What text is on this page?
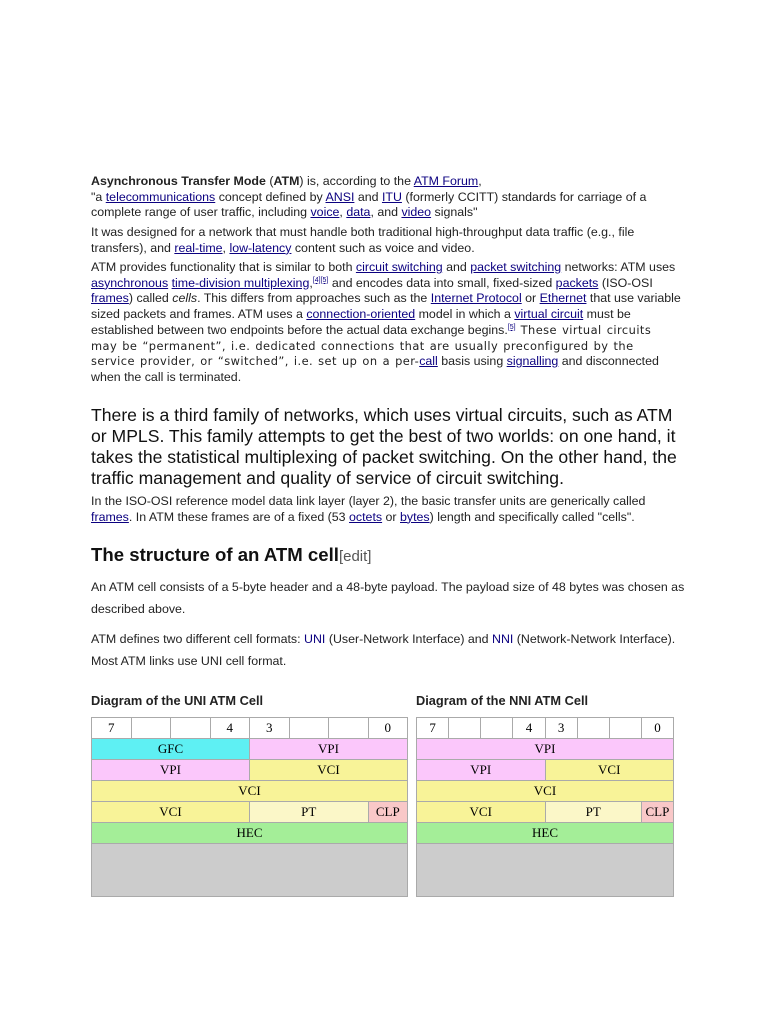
Asynchronous Transfer Mode (ATM) is, according to the ATM Forum,
"a telecommunications concept defined by ANSI and ITU (formerly CCITT) standards for carriage of a complete range of user traffic, including voice, data, and video signals"
It was designed for a network that must handle both traditional high-throughput data traffic (e.g., file transfers), and real-time, low-latency content such as voice and video.
ATM provides functionality that is similar to both circuit switching and packet switching networks: ATM uses asynchronous time-division multiplexing,[4][5] and encodes data into small, fixed-sized packets (ISO-OSI frames) called cells. This differs from approaches such as the Internet Protocol or Ethernet that use variable sized packets and frames. ATM uses a connection-oriented model in which a virtual circuit must be established between two endpoints before the actual data exchange begins.[5] These virtual circuits may be “permanent”, i.e. dedicated connections that are usually preconfigured by the service provider, or “switched”, i.e. set up on a per-call basis using signalling and disconnected when the call is terminated.
There is a third family of networks, which uses virtual circuits, such as ATM or MPLS. This family attempts to get the best of two worlds: on one hand, it takes the statistical multiplexing of packet switching. On the other hand, the traffic management and quality of service of circuit switching.
In the ISO-OSI reference model data link layer (layer 2), the basic transfer units are generically called frames. In ATM these frames are of a fixed (53 octets or bytes) length and specifically called "cells".
The structure of an ATM cell[edit]
An ATM cell consists of a 5-byte header and a 48-byte payload. The payload size of 48 bytes was chosen as described above.
ATM defines two different cell formats: UNI (User-Network Interface) and NNI (Network-Network Interface). Most ATM links use UNI cell format.
Diagram of the UNI ATM Cell
7			4	3			0
GFC				VPI			
VPI				VCI			
VCI							
VCI				PT			CLP
HEC							

Diagram of the NNI ATM Cell
7			4	3			0
VPI							
VPI				VCI			
VCI							
VCI				PT			CLP
HEC							
